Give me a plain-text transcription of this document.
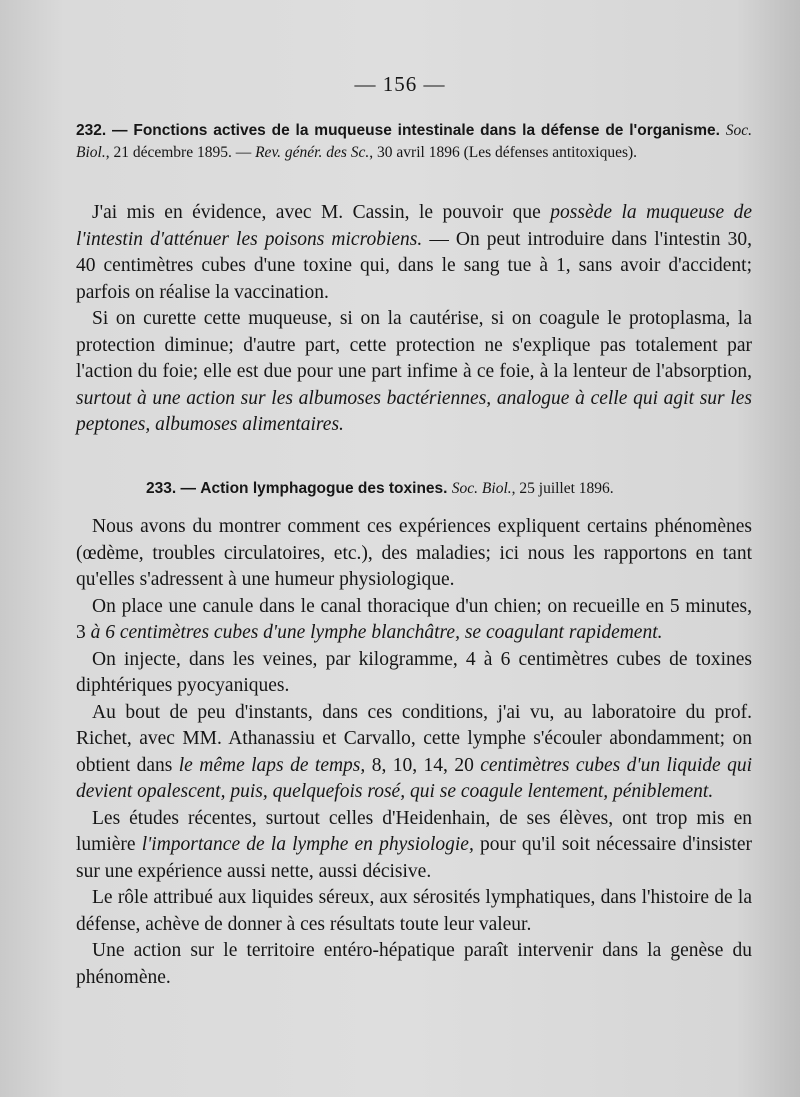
— 156 —
232. — Fonctions actives de la muqueuse intestinale dans la défense de l'organisme. Soc. Biol., 21 décembre 1895. — Rev. génér. des Sc., 30 avril 1896 (Les défenses antitoxiques).

J'ai mis en évidence, avec M. Cassin, le pouvoir que possède la muqueuse de l'intestin d'atténuer les poisons microbiens. — On peut introduire dans l'intestin 30, 40 centimètres cubes d'une toxine qui, dans le sang tue à 1, sans avoir d'accident; parfois on réalise la vaccination.

Si on curette cette muqueuse, si on la cautérise, si on coagule le protoplasma, la protection diminue; d'autre part, cette protection ne s'explique pas totalement par l'action du foie; elle est due pour une part infime à ce foie, à la lenteur de l'absorption, surtout à une action sur les albumoses bactériennes, analogue à celle qui agit sur les peptones, albumoses alimentaires.

233. — Action lymphagogue des toxines. Soc. Biol., 25 juillet 1896.

Nous avons du montrer comment ces expériences expliquent certains phénomènes (œdème, troubles circulatoires, etc.), des maladies; ici nous les rapportons en tant qu'elles s'adressent à une humeur physiologique.

On place une canule dans le canal thoracique d'un chien; on recueille en 5 minutes, 3 à 6 centimètres cubes d'une lymphe blanchâtre, se coagulant rapidement.

On injecte, dans les veines, par kilogramme, 4 à 6 centimètres cubes de toxines diphtériques pyocyaniques.

Au bout de peu d'instants, dans ces conditions, j'ai vu, au laboratoire du prof. Richet, avec MM. Athanassiu et Carvallo, cette lymphe s'écouler abondamment; on obtient dans le même laps de temps, 8, 10, 14, 20 centimètres cubes d'un liquide qui devient opalescent, puis, quelquefois rosé, qui se coagule lentement, péniblement.

Les études récentes, surtout celles d'Heidenhain, de ses élèves, ont trop mis en lumière l'importance de la lymphe en physiologie, pour qu'il soit nécessaire d'insister sur une expérience aussi nette, aussi décisive.

Le rôle attribué aux liquides séreux, aux sérosités lymphatiques, dans l'histoire de la défense, achève de donner à ces résultats toute leur valeur.

Une action sur le territoire entéro-hépatique paraît intervenir dans la genèse du phénomène.
